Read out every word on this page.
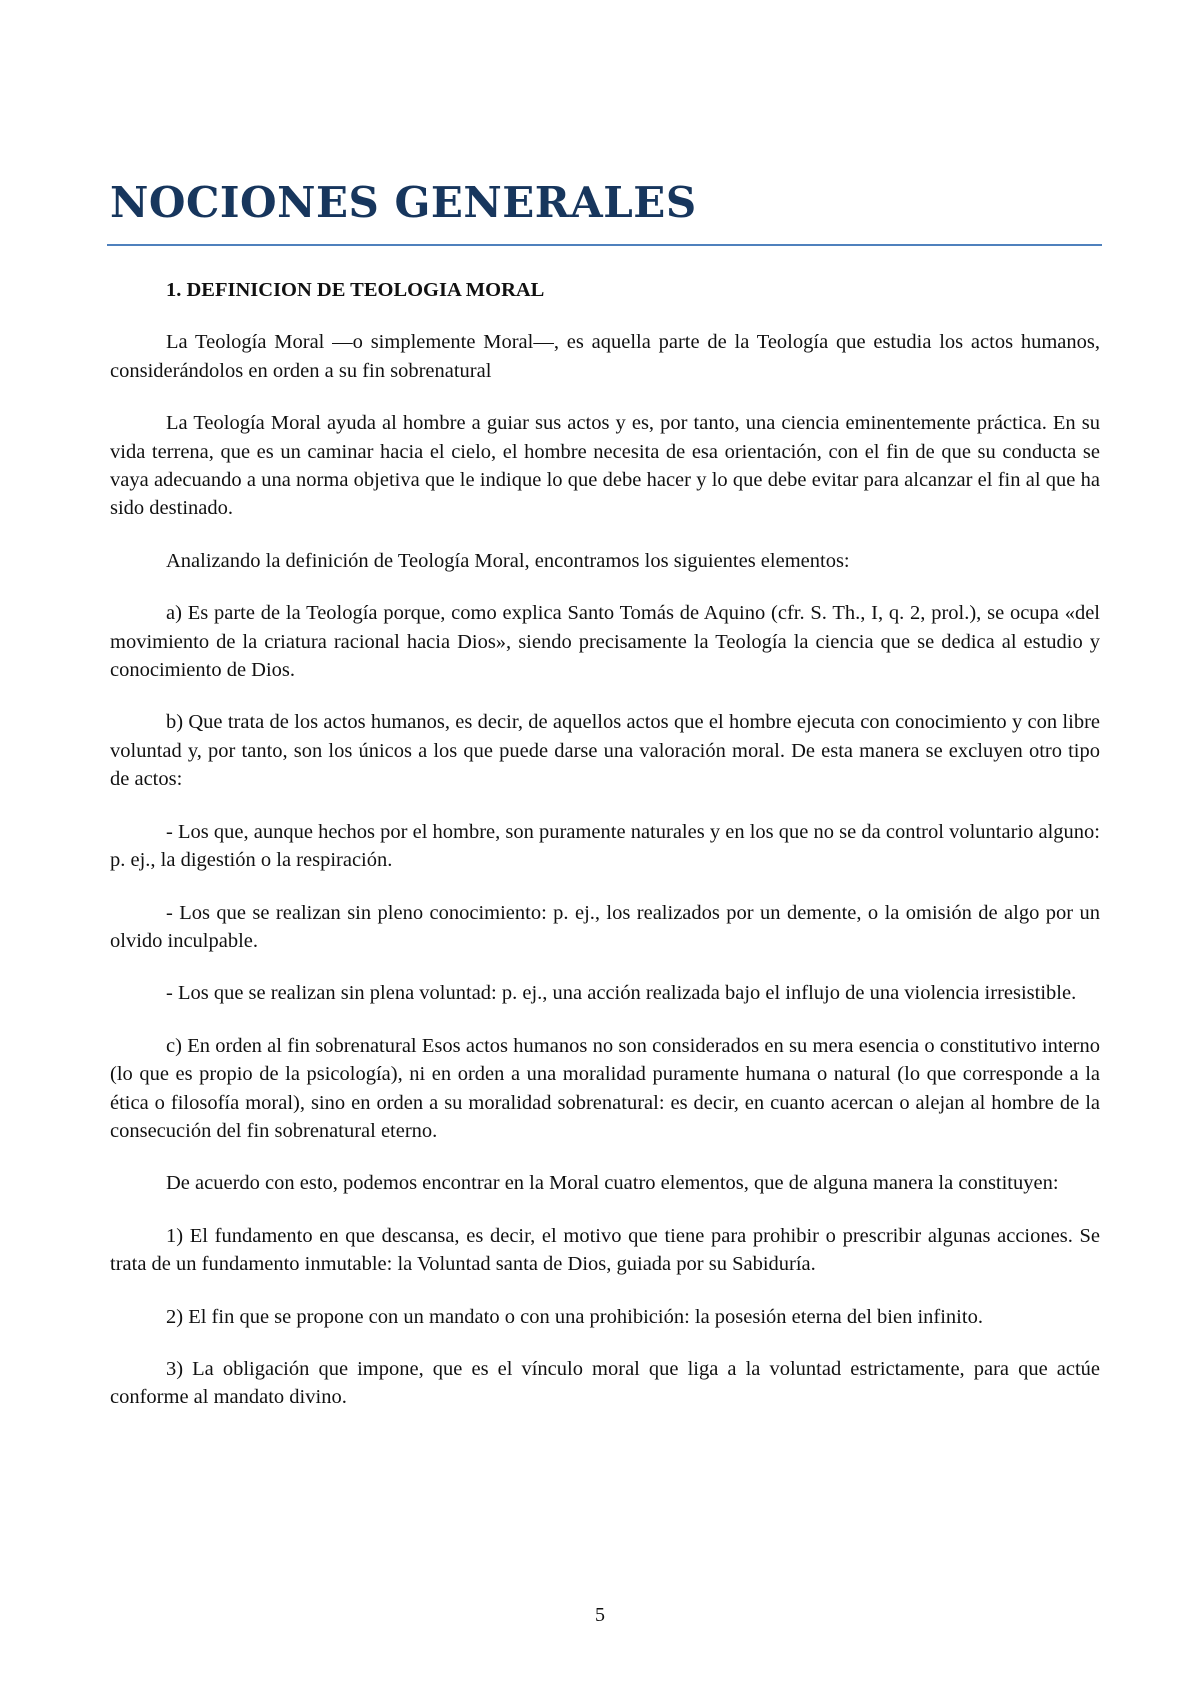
NOCIONES GENERALES

1. DEFINICION DE TEOLOGIA MORAL

La Teología Moral —o simplemente Moral—, es aquella parte de la Teología que estudia los actos humanos, considerándolos en orden a su fin sobrenatural

La Teología Moral ayuda al hombre a guiar sus actos y es, por tanto, una ciencia eminentemente práctica. En su vida terrena, que es un caminar hacia el cielo, el hombre necesita de esa orientación, con el fin de que su conducta se vaya adecuando a una norma objetiva que le indique lo que debe hacer y lo que debe evitar para alcanzar el fin al que ha sido destinado.

Analizando la definición de Teología Moral, encontramos los siguientes elementos:

a) Es parte de la Teología porque, como explica Santo Tomás de Aquino (cfr. S. Th., I, q. 2, prol.), se ocupa «del movimiento de la criatura racional hacia Dios», siendo precisamente la Teología la ciencia que se dedica al estudio y conocimiento de Dios.

b) Que trata de los actos humanos, es decir, de aquellos actos que el hombre ejecuta con conocimiento y con libre voluntad y, por tanto, son los únicos a los que puede darse una valoración moral. De esta manera se excluyen otro tipo de actos:

- Los que, aunque hechos por el hombre, son puramente naturales y en los que no se da control voluntario alguno: p. ej., la digestión o la respiración.

- Los que se realizan sin pleno conocimiento: p. ej., los realizados por un demente, o la omisión de algo por un olvido inculpable.

- Los que se realizan sin plena voluntad: p. ej., una acción realizada bajo el influjo de una violencia irresistible.

c) En orden al fin sobrenatural Esos actos humanos no son considerados en su mera esencia o constitutivo interno (lo que es propio de la psicología), ni en orden a una moralidad puramente humana o natural (lo que corresponde a la ética o filosofía moral), sino en orden a su moralidad sobrenatural: es decir, en cuanto acercan o alejan al hombre de la consecución del fin sobrenatural eterno.

De acuerdo con esto, podemos encontrar en la Moral cuatro elementos, que de alguna manera la constituyen:

1) El fundamento en que descansa, es decir, el motivo que tiene para prohibir o prescribir algunas acciones. Se trata de un fundamento inmutable: la Voluntad santa de Dios, guiada por su Sabiduría.

2) El fin que se propone con un mandato o con una prohibición: la posesión eterna del bien infinito.

3) La obligación que impone, que es el vínculo moral que liga a la voluntad estrictamente, para que actúe conforme al mandato divino.

5
